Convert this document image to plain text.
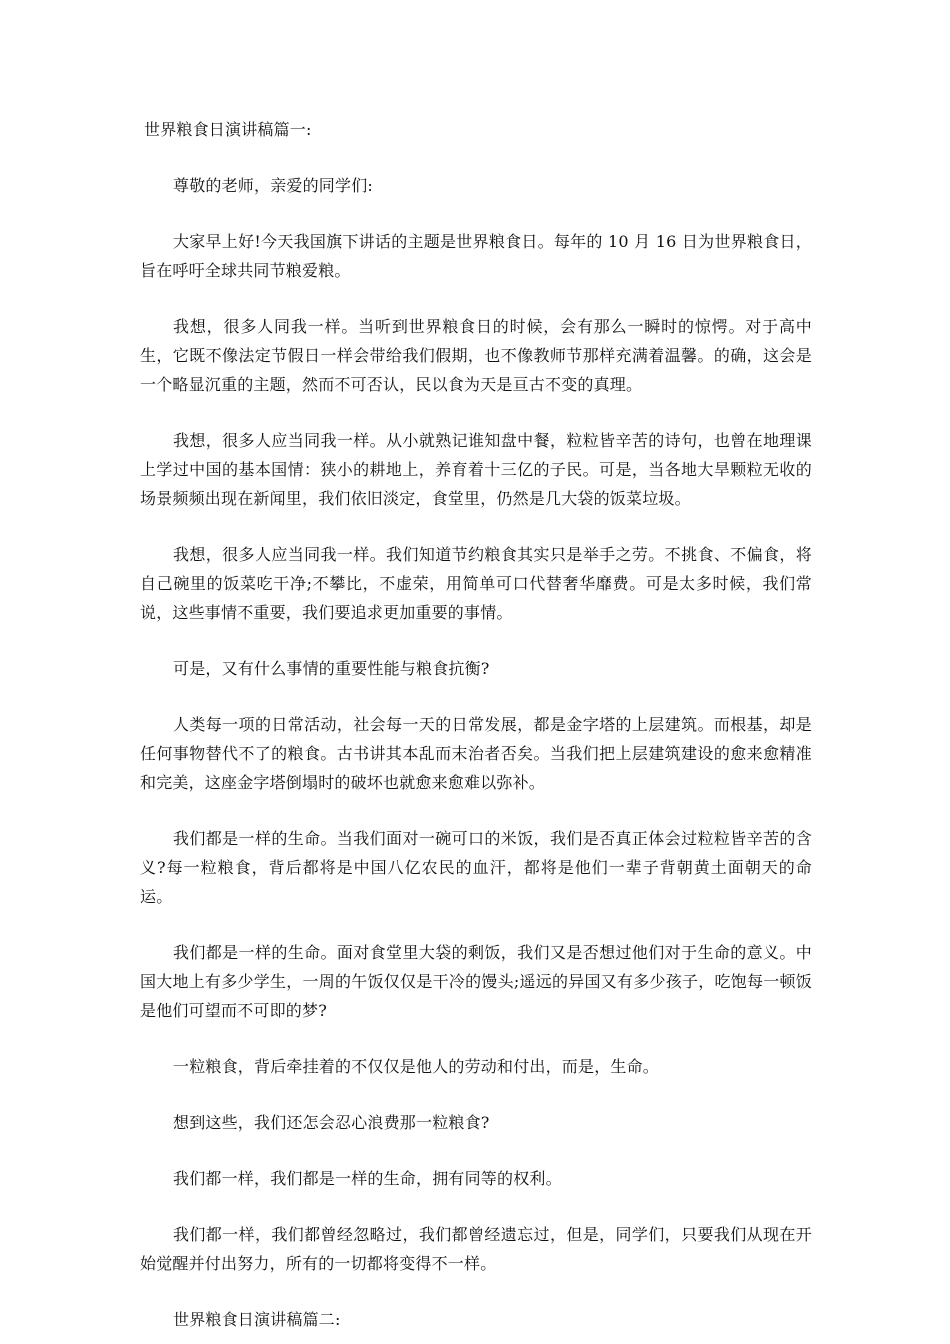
世界粮食日演讲稿篇一:

尊敬的老师，亲爱的同学们:

大家早上好!今天我国旗下讲话的主题是世界粮食日。每年的 10 月 16 日为世界粮食日，旨在呼吁全球共同节粮爱粮。

我想，很多人同我一样。当听到世界粮食日的时候，会有那么一瞬时的惊愕。对于高中生，它既不像法定节假日一样会带给我们假期，也不像教师节那样充满着温馨。的确，这会是一个略显沉重的主题，然而不可否认，民以食为天是亘古不变的真理。

我想，很多人应当同我一样。从小就熟记谁知盘中餐，粒粒皆辛苦的诗句，也曾在地理课上学过中国的基本国情：狭小的耕地上，养育着十三亿的子民。可是，当各地大旱颗粒无收的场景频频出现在新闻里，我们依旧淡定，食堂里，仍然是几大袋的饭菜垃圾。

我想，很多人应当同我一样。我们知道节约粮食其实只是举手之劳。不挑食、不偏食，将自己碗里的饭菜吃干净;不攀比，不虚荣，用简单可口代替奢华靡费。可是太多时候，我们常说，这些事情不重要，我们要追求更加重要的事情。

可是，又有什么事情的重要性能与粮食抗衡?

人类每一项的日常活动，社会每一天的日常发展，都是金字塔的上层建筑。而根基，却是任何事物替代不了的粮食。古书讲其本乱而末治者否矣。当我们把上层建筑建设的愈来愈精准和完美，这座金字塔倒塌时的破坏也就愈来愈难以弥补。

我们都是一样的生命。当我们面对一碗可口的米饭，我们是否真正体会过粒粒皆辛苦的含义?每一粒粮食，背后都将是中国八亿农民的血汗，都将是他们一辈子背朝黄土面朝天的命运。

我们都是一样的生命。面对食堂里大袋的剩饭，我们又是否想过他们对于生命的意义。中国大地上有多少学生，一周的午饭仅仅是干冷的馒头;遥远的异国又有多少孩子，吃饱每一顿饭是他们可望而不可即的梦?

一粒粮食，背后牵挂着的不仅仅是他人的劳动和付出，而是，生命。

想到这些，我们还怎会忍心浪费那一粒粮食?

我们都一样，我们都是一样的生命，拥有同等的权利。

我们都一样，我们都曾经忽略过，我们都曾经遗忘过，但是，同学们，只要我们从现在开始觉醒并付出努力，所有的一切都将变得不一样。

世界粮食日演讲稿篇二:
